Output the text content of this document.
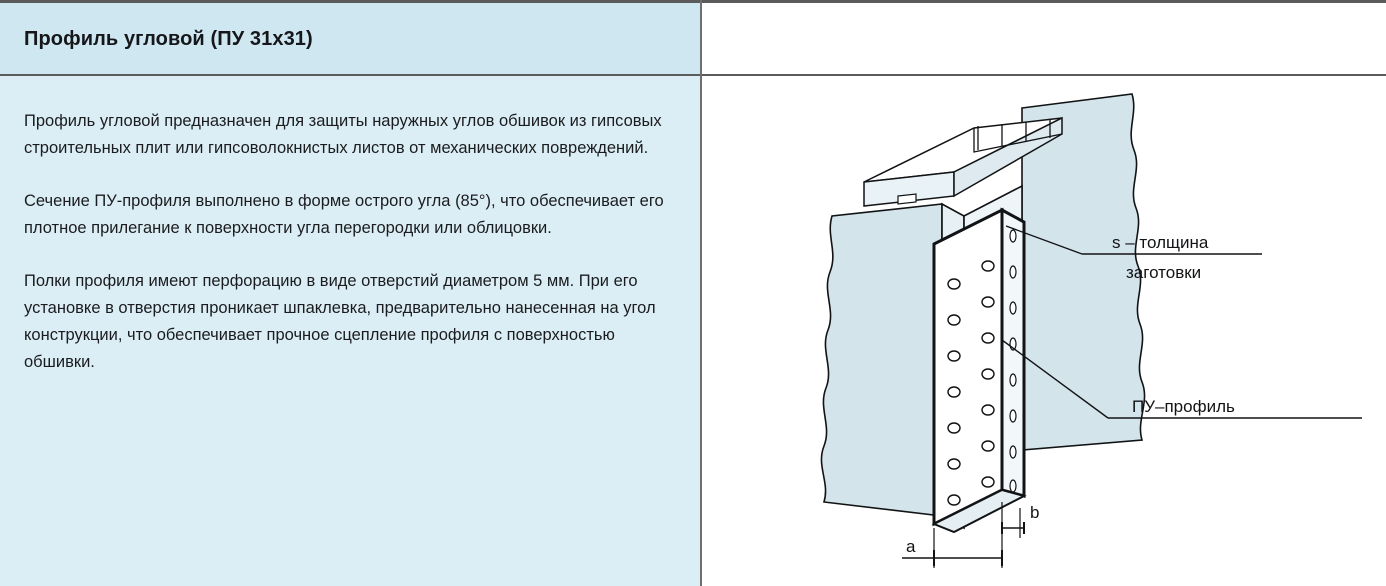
Профиль угловой (ПУ 31x31)

Профиль угловой предназначен для защиты наружных углов обшивок из гипсовых строительных плит или гипсоволокнистых листов от механических повреждений.

Сечение ПУ-профиля выполнено в форме острого угла (85°), что обеспечивает его плотное прилегание к поверхности угла перегородки или облицовки.

Полки профиля имеют перфорацию в виде отверстий диаметром 5 мм. При его установке в отверстия проникает шпаклевка, предварительно нанесенная на угол конструкции, что обеспечивает прочное сцепление профиля с поверхностью обшивки.

s – толщина
заготовки
ПУ–профиль
b
a
